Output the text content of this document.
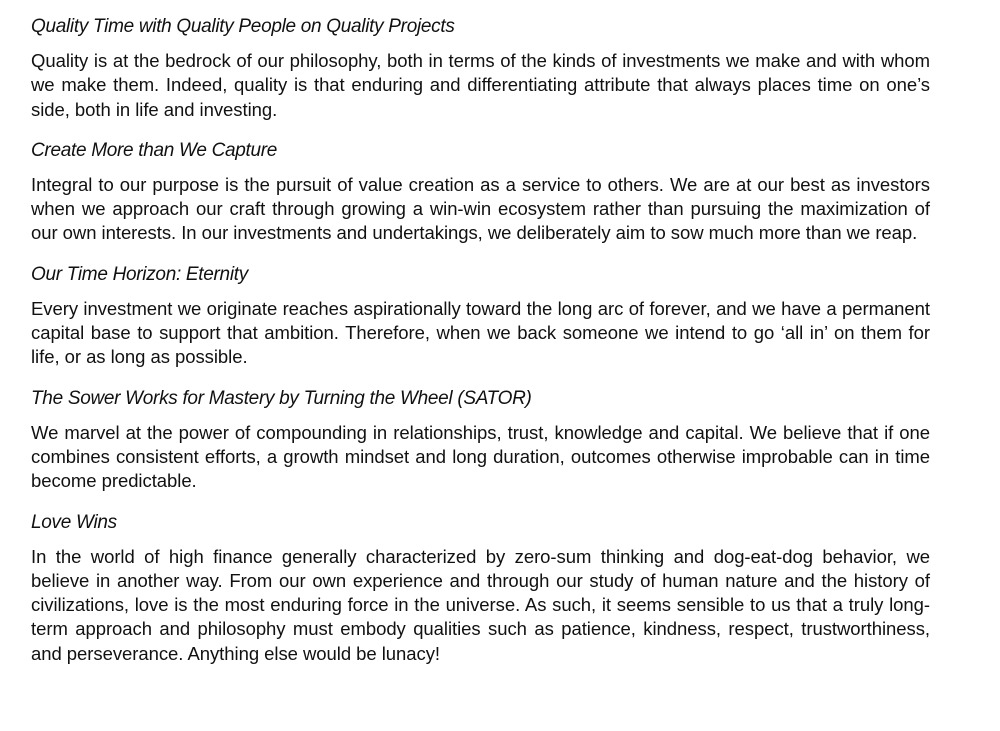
Quality Time with Quality People on Quality Projects

Quality is at the bedrock of our philosophy, both in terms of the kinds of investments we make and with whom we make them. Indeed, quality is that enduring and differentiating attribute that always places time on one’s side, both in life and investing.

Create More than We Capture

Integral to our purpose is the pursuit of value creation as a service to others. We are at our best as investors when we approach our craft through growing a win-win ecosystem rather than pursuing the maximization of our own interests. In our investments and undertakings, we deliberately aim to sow much more than we reap.

Our Time Horizon: Eternity

Every investment we originate reaches aspirationally toward the long arc of forever, and we have a permanent capital base to support that ambition. Therefore, when we back someone we intend to go ‘all in’ on them for life, or as long as possible.

The Sower Works for Mastery by Turning the Wheel (SATOR)

We marvel at the power of compounding in relationships, trust, knowledge and capital. We believe that if one combines consistent efforts, a growth mindset and long duration, outcomes otherwise improbable can in time become predictable.

Love Wins

In the world of high finance generally characterized by zero-sum thinking and dog-eat-dog behavior, we believe in another way. From our own experience and through our study of human nature and the history of civilizations, love is the most enduring force in the universe. As such, it seems sensible to us that a truly long-term approach and philosophy must embody qualities such as patience, kindness, respect, trustworthiness, and perseverance. Anything else would be lunacy!
